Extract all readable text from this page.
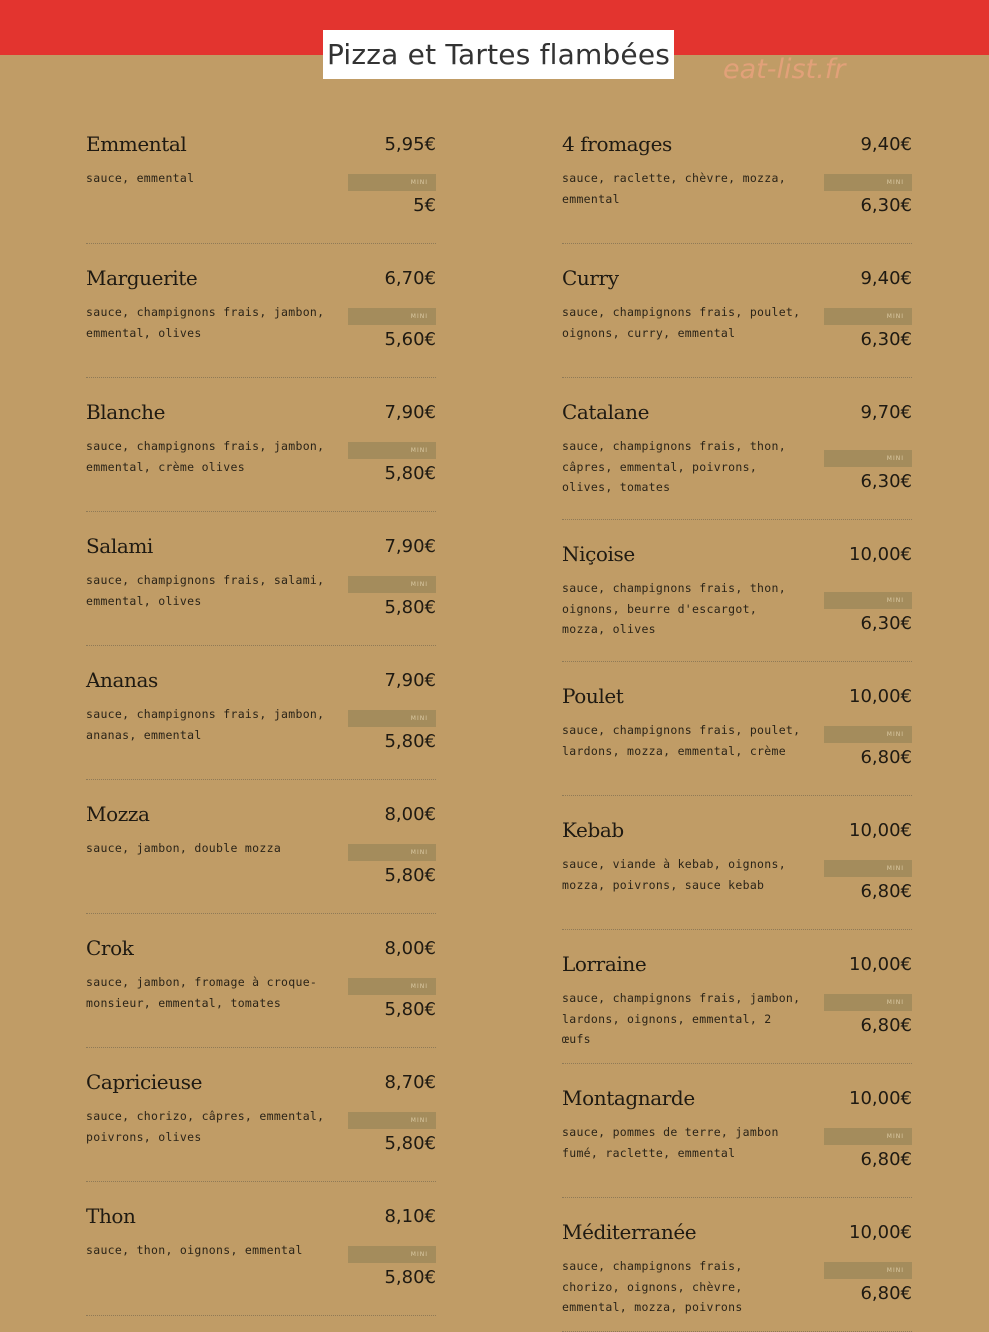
Pizza et Tartes flambées eat-list.fr
Emmental	5,95€
sauce, emmental	MINI
5€
Marguerite	6,70€
sauce, champignons frais, jambon, emmental, olives
MINI
5,60€
Blanche	7,90€
sauce, champignons frais, jambon, emmental, crème olives
MINI
5,80€
Salami	7,90€
sauce, champignons frais, salami, emmental, olives
MINI
5,80€
Ananas	7,90€
sauce, champignons frais, jambon, ananas, emmental
MINI
5,80€
Mozza	8,00€
sauce, jambon, double mozza	MINI
5,80€
Crok	8,00€
sauce, jambon, fromage à croque-monsieur, emmental, tomates
MINI
5,80€
Capricieuse	8,70€
sauce, chorizo, câpres, emmental, poivrons, olives
MINI
5,80€
Thon	8,10€
sauce, thon, oignons, emmental	MINI
5,80€
4 fromages	9,40€
sauce, raclette, chèvre, mozza, emmental
MINI
6,30€
Curry	9,40€
sauce, champignons frais, poulet, oignons, curry, emmental
MINI
6,30€
Catalane	9,70€
sauce, champignons frais, thon, câpres, emmental, poivrons, olives, tomates
MINI
6,30€
Niçoise	10,00€
sauce, champignons frais, thon, oignons, beurre d'escargot, mozza, olives
MINI
6,30€
Poulet	10,00€
sauce, champignons frais, poulet, lardons, mozza, emmental, crème
MINI
6,80€
Kebab	10,00€
sauce, viande à kebab, oignons, mozza, poivrons, sauce kebab
MINI
6,80€
Lorraine	10,00€
sauce, champignons frais, jambon, lardons, oignons, emmental, 2 œufs
MINI
6,80€
Montagnarde	10,00€
sauce, pommes de terre, jambon fumé, raclette, emmental
MINI
6,80€
Méditerranée	10,00€
sauce, champignons frais, chorizo, oignons, chèvre, emmental, mozza, poivrons
MINI
6,80€
